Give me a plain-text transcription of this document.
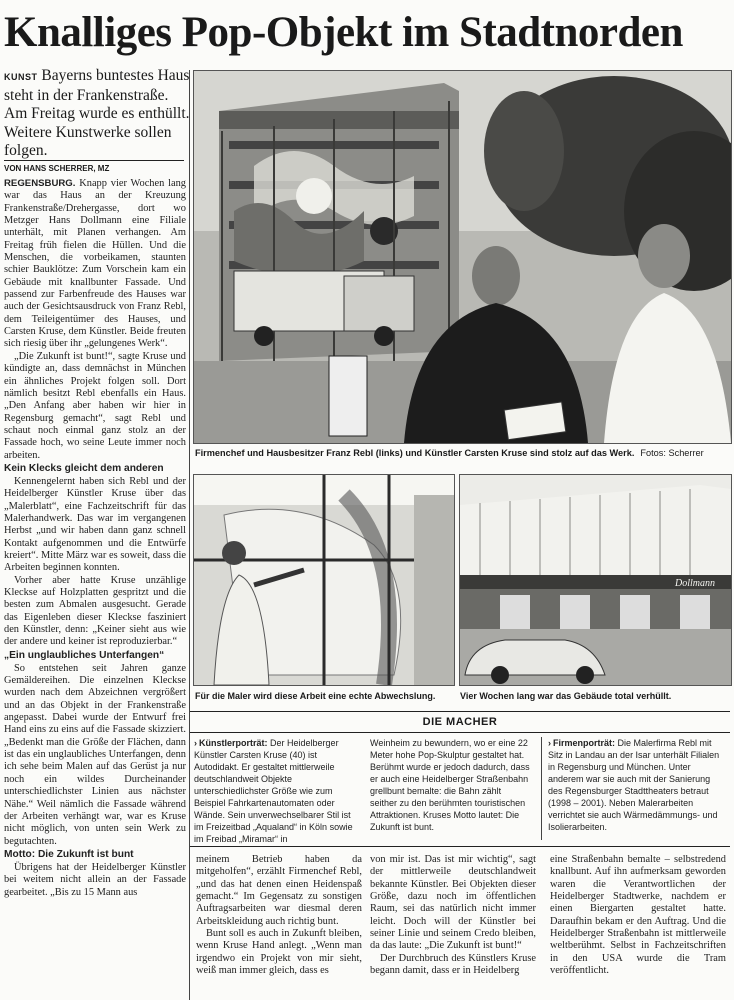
Knalliges Pop-Objekt im Stadtnorden
KUNST Bayerns buntestes Haus steht in der Frankenstraße. Am Freitag wurde es enthüllt. Weitere Kunstwerke sollen folgen.
VON HANS SCHERRER, MZ

REGENSBURG. Knapp vier Wochen lang war das Haus an der Kreuzung Frankenstraße/Drehergasse, dort wo Metzger Hans Dollmann eine Filiale unterhält, mit Planen verhangen. Am Freitag früh fielen die Hüllen. Und die Menschen, die vorbeikamen, staunten schier Bauklötze: Zum Vorschein kam ein Gebäude mit knallbunter Fassade. Und passend zur Farbenfreude des Hauses war auch der Gesichtsausdruck von Franz Rebl, dem Teileigentümer des Hauses, und Carsten Kruse, dem Künstler. Beide freuten sich riesig über ihr „gelungenes Werk“.

„Die Zukunft ist bunt!“, sagte Kruse und kündigte an, dass demnächst in München ein ähnliches Projekt folgen soll. Dort nämlich besitzt Rebl ebenfalls ein Haus. „Den Anfang aber haben wir hier in Regensburg gemacht“, sagt Rebl und schaut noch einmal ganz stolz an der Fassade hoch, wo seine Leute immer noch arbeiten.

Kein Klecks gleicht dem anderen

Kennengelernt haben sich Rebl und der Heidelberger Künstler Kruse über das „Malerblatt“, eine Fachzeitschrift für das Malerhandwerk. Das war im vergangenen Herbst „und wir haben dann ganz schnell Kontakt aufgenommen und die Entwürfe kreiert“. Mitte März war es soweit, dass die Arbeiten beginnen konnten.

Vorher aber hatte Kruse unzählige Kleckse auf Holzplatten gespritzt und die besten zum Abmalen ausgesucht. Gerade das Eigenleben dieser Kleckse fasziniert den Künstler, denn: „Keiner sieht aus wie der andere und keiner ist reproduzierbar.“

„Ein unglaubliches Unterfangen“

So entstehen seit Jahren ganze Gemäldereihen. Die einzelnen Kleckse wurden nach dem Abzeichnen vergrößert und an das Objekt in der Frankenstraße angepasst. Dabei wurde der Entwurf frei Hand eins zu eins auf die Fassade skizziert. „Bedenkt man die Größe der Flächen, dann ist das ein unglaubliches Unterfangen, denn ich sehe beim Malen auf das Gerüst ja nur noch ein wildes Durcheinander unterschiedlichster Linien aus nächster Nähe.“ Weil nämlich die Fassade während der Arbeiten verhängt war, war es Kruse nicht möglich, von unten sein Werk zu begutachten.

Motto: Die Zukunft ist bunt

Übrigens hat der Heidelberger Künstler bei weitem nicht allein an der Fassade gearbeitet. „Bis zu 15 Mann aus

Firmenchef und Hausbesitzer Franz Rebl (links) und Künstler Carsten Kruse sind stolz auf das Werk. Fotos: Scherrer
Für die Maler wird diese Arbeit eine echte Abwechslung.
Dollmann
Vier Wochen lang war das Gebäude total verhüllt.
DIE MACHER
› Künstlerporträt: Der Heidelberger Künstler Carsten Kruse (40) ist Autodidakt. Er gestaltet mittlerweile deutschlandweit Objekte unterschiedlichster Größe wie zum Beispiel Fahrkartenautomaten oder Wände. Sein unverwechselbarer Stil ist im Freizeitbad „Aqualand“ in Köln sowie im Freibad „Miramar“ in
Weinheim zu bewundern, wo er eine 22 Meter hohe Pop-Skulptur gestaltet hat. Berühmt wurde er jedoch dadurch, dass er auch eine Heidelberger Straßenbahn grellbunt bemalte: die Bahn zählt seither zu den berühmten touristischen Attraktionen. Kruses Motto lautet: Die Zukunft ist bunt.
› Firmenporträt: Die Malerfirma Rebl mit Sitz in Landau an der Isar unterhält Filialen in Regensburg und München. Unter anderem war sie auch mit der Sanierung des Regensburger Stadttheaters betraut (1998 – 2001). Neben Malerarbeiten verrichtet sie auch Wärmedämmungs- und Isolierarbeiten.

meinem Betrieb haben da mitgeholfen“, erzählt Firmenchef Rebl, „und das hat denen einen Heidenspaß gemacht.“ Im Gegensatz zu sonstigen Auftragsarbeiten war diesmal deren Arbeitskleidung auch richtig bunt.

Bunt soll es auch in Zukunft bleiben, wenn Kruse Hand anlegt. „Wenn man irgendwo ein Projekt von mir sieht, weiß man immer gleich, dass es

von mir ist. Das ist mir wichtig“, sagt der mittlerweile deutschlandweit bekannte Künstler. Bei Objekten dieser Größe, dazu noch im öffentlichen Raum, sei das natürlich nicht immer leicht. Doch will der Künstler bei seiner Linie und seinem Credo bleiben, da das laute: „Die Zukunft ist bunt!“

Der Durchbruch des Künstlers Kruse begann damit, dass er in Heidelberg

eine Straßenbahn bemalte – selbstredend knallbunt. Auf ihn aufmerksam geworden waren die Verantwortlichen der Heidelberger Stadtwerke, nachdem er einen Biergarten gestaltet hatte. Daraufhin bekam er den Auftrag. Und die Heidelberger Straßenbahn ist mittlerweile weltberühmt. Selbst in Fachzeitschriften in den USA wurde die Tram veröffentlicht.
